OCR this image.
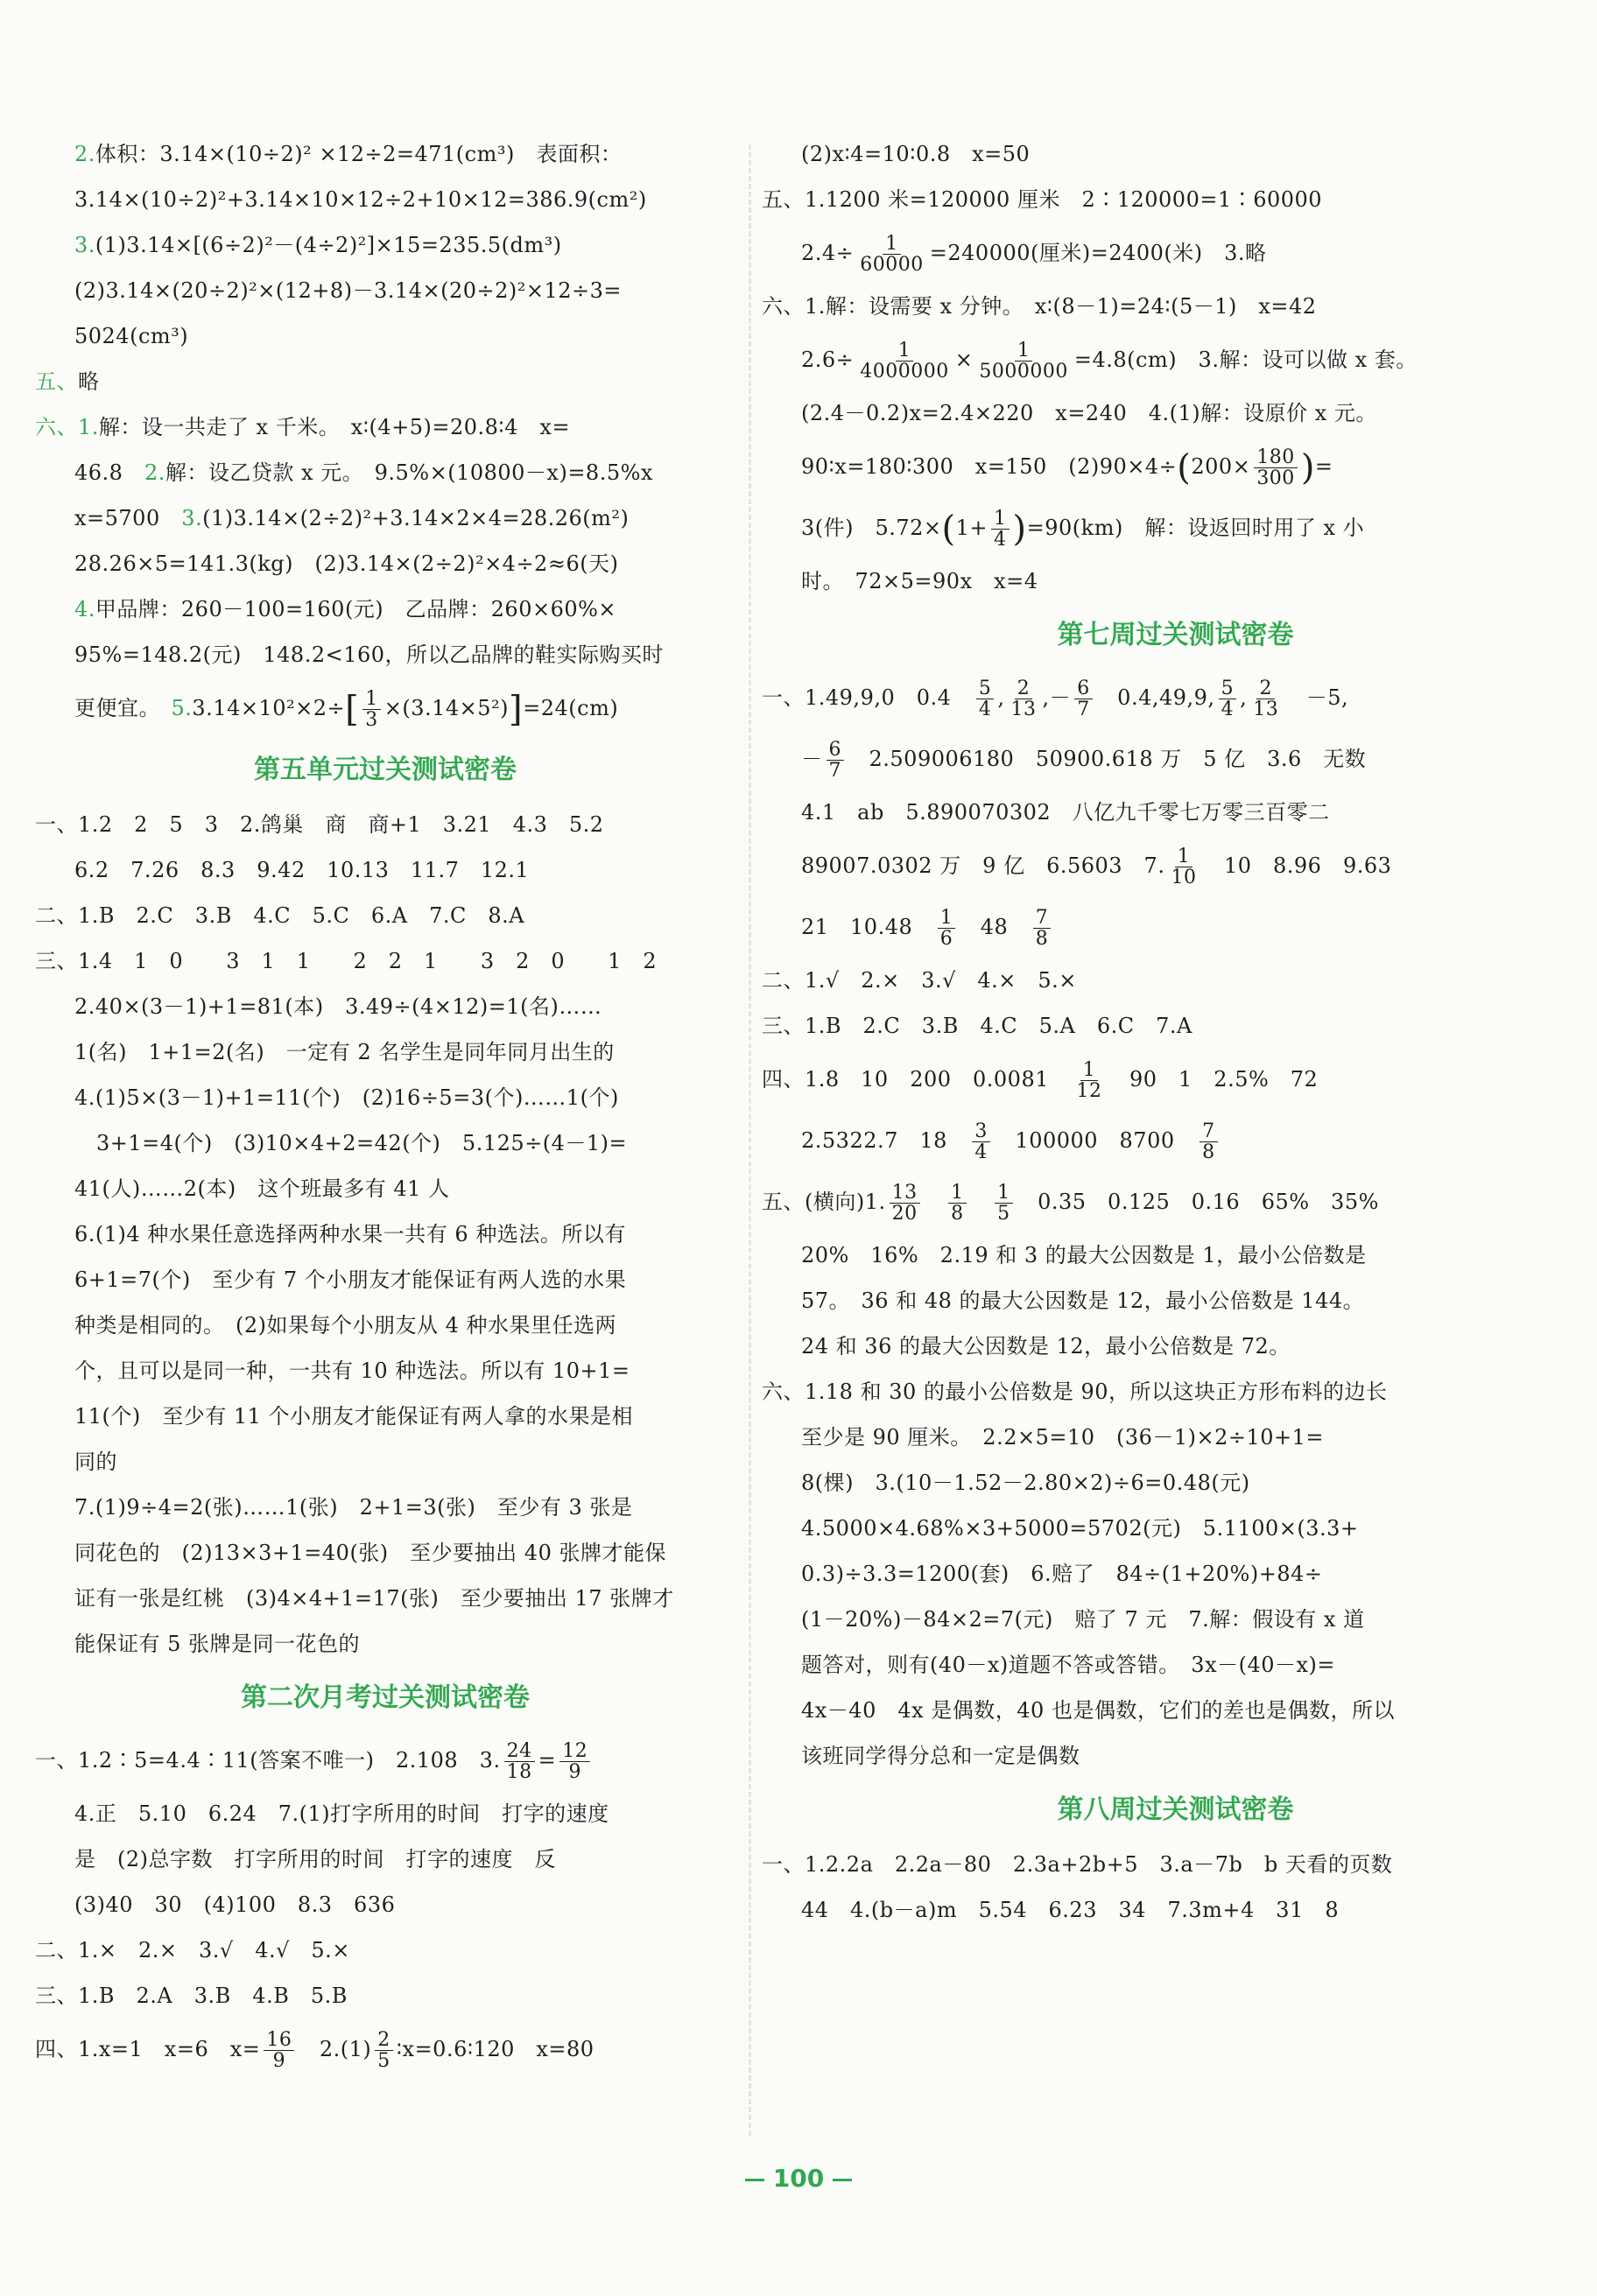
2.体积：3.14×(10÷2)² ×12÷2=471(cm³)　表面积：
3.14×(10÷2)²+3.14×10×12÷2+10×12=386.9(cm²)
3.(1)3.14×[(6÷2)²－(4÷2)²]×15=235.5(dm³)
(2)3.14×(20÷2)²×(12+8)－3.14×(20÷2)²×12÷3=
5024(cm³)
五、略
六、1.解：设一共走了 x 千米。　x∶(4+5)=20.8∶4　x=
46.8　2.解：设乙贷款 x 元。　9.5%×(10800－x)=8.5%x
x=5700　3.(1)3.14×(2÷2)²+3.14×2×4=28.26(m²)
28.26×5=141.3(kg)　(2)3.14×(2÷2)²×4÷2≈6(天)
4.甲品牌：260－100=160(元)　乙品牌：260×60%×
95%=148.2(元)　148.2<160，所以乙品牌的鞋实际购买时
更便宜。　$5.3.14\times 10^2\times 2\div[ \frac{1}{3} \times(3.14\times 5^2)]=24(cm)$
第五单元过关测试密卷
一、1.2　2　5　3　2.鸽巢　商　商+1　3.21　4.3　5.2
6.2　7.26　8.3　9.42　10.13　11.7　12.1
二、1.B　2.C　3.B　4.C　5.C　6.A　7.C　8.A
三、1.4　1　0　　3　1　1　　2　2　1　　3　2　0　　1　2
2.40×(3－1)+1=81(本)　3.49÷(4×12)=1(名)……
1(名)　1+1=2(名)　一定有 2 名学生是同年同月出生的
4.(1)5×(3－1)+1=11(个)　(2)16÷5=3(个)……1(个)
3+1=4(个)　(3)10×4+2=42(个)　5.125÷(4－1)=
41(人)……2(本)　这个班最多有 41 人
6.(1)4 种水果任意选择两种水果一共有 6 种选法。所以有
6+1=7(个)　至少有 7 个小朋友才能保证有两人选的水果
种类是相同的。　(2)如果每个小朋友从 4 种水果里任选两
个，且可以是同一种，一共有 10 种选法。所以有 10+1=
11(个)　至少有 11 个小朋友才能保证有两人拿的水果是相
同的
7.(1)9÷4=2(张)……1(张)　2+1=3(张)　至少有 3 张是
同花色的　(2)13×3+1=40(张)　至少要抽出 40 张牌才能保
证有一张是红桃　(3)4×4+1=17(张)　至少要抽出 17 张牌才
能保证有 5 张牌是同一花色的
第二次月考过关测试密卷
一、1.2∶5=4.4∶11(答案不唯一)　2.108　3. $\frac{24}{18} = \frac{12}{9}$
4.正　5.10　6.24　7.(1)打字所用的时间　打字的速度
是　(2)总字数　打字所用的时间　打字的速度　反
(3)40　30　(4)100　8.3　636
二、1.×　2.×　3.√　4.√　5.×
三、1.B　2.A　3.B　4.B　5.B
四、1.x=1　x=6　$x= \frac{16}{9}$ 　$2.(1) \frac{2}{5}$ ∶x=0.6∶120　x=80
(2)x∶4=10∶0.8　x=50
五、1.1200 米=120000 厘米　2∶120000=1∶60000
$2.4\div \frac{1}{60000} =240000$(厘米)=2400(米)　3.略
六、1.解：设需要 x 分钟。　x∶(8－1)=24∶(5－1)　x=42
$2.6\div \frac{1}{4000000} \times \frac{1}{5000000} =4.8(cm)$　3.解：设可以做 x 套。
(2.4－0.2)x=2.4×220　x=240　4.(1)解：设原价 x 元。
90∶x=180∶300　x=150　$(2)90\times 4\div(200\times \frac{180}{300}$ )=
3(件)　$5.72\times(1+ \frac{1}{4} )=90(km)$　解：设返回时用了 x 小
时。　72×5=90x　x=4
第七周过关测试密卷
一、1.49,9,0　0.4　 $\frac{5}{4}$ , $\frac{2}{13}$ ,－ $\frac{6}{7}$ 　0.4,49,9, $\frac{5}{4}$ , $\frac{2}{13}$ 　－5,
－ $\frac{6}{7}$
　 2.509006180　50900.618 万　5 亿　3.6　无数
4.1　ab　5.890070302　八亿九千零七万零三百零二
89007.0302 万　9 亿　6.5603　7. $\frac{1}{10}$ 　10　8.96　9.63
21　10.48　 $\frac{1}{6}$ 　48　 $\frac{7}{8}$
二、1.√　2.×　3.√　4.×　5.×
三、1.B　2.C　3.B　4.C　5.A　6.C　7.A
四、1.8　10　200　0.0081　 $\frac{1}{12}$ 　90　1　2.5%　72
2.5322.7　18　 $\frac{3}{4}$ 　100000　8700　 $\frac{7}{8}$
五、(横向)1. $\frac{13}{20}$
　 $\frac{1}{8}$
　 $\frac{1}{5}$ 　0.35　0.125　0.16　65%　35%
20%　16%　2.19 和 3 的最大公因数是 1，最小公倍数是
57。　36 和 48 的最大公因数是 12，最小公倍数是 144。
24 和 36 的最大公因数是 12，最小公倍数是 72。
六、1.18 和 30 的最小公倍数是 90，所以这块正方形布料的边长
至少是 90 厘米。　2.2×5=10　(36－1)×2÷10+1=
8(棵)　3.(10－1.52－2.80×2)÷6=0.48(元)
4.5000×4.68%×3+5000=5702(元)　5.1100×(3.3+
0.3)÷3.3=1200(套)　6.赔了　84÷(1+20%)+84÷
(1－20%)－84×2=7(元)　赔了 7 元　7.解：假设有 x 道
题答对，则有(40－x)道题不答或答错。　3x－(40－x)=
4x－40　4x 是偶数，40 也是偶数，它们的差也是偶数，所以
该班同学得分总和一定是偶数
第八周过关测试密卷
一、1.2.2a　2.2a－80　2.3a+2b+5　3.a－7b　b 天看的页数
44　4.(b－a)m　5.54　6.23　34　7.3m+4　31　8
100
